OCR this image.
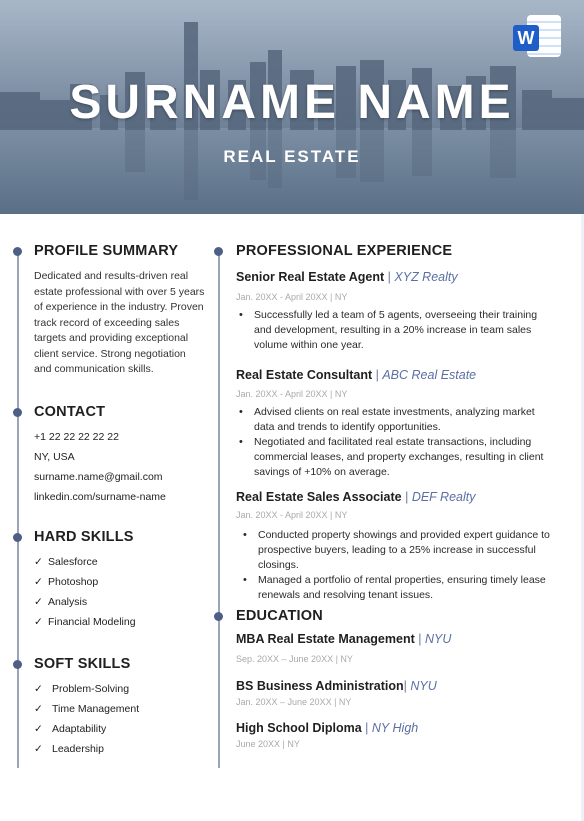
SURNAME NAME
REAL ESTATE
W
PROFILE SUMMARY
Dedicated and results-driven real estate professional with over 5 years of experience in the industry. Proven track record of exceeding sales targets and providing exceptional client service. Strong negotiation and communication skills.
CONTACT
+1 22 22 22 22 22
NY, USA
surname.name@gmail.com
linkedin.com/surname-name
HARD SKILLS
✓ Salesforce
✓ Photoshop
✓ Analysis
✓ Financial Modeling
SOFT SKILLS
✓ Problem-Solving
✓ Time Management
✓ Adaptability
✓ Leadership
PROFESSIONAL EXPERIENCE
Senior Real Estate Agent | XYZ Realty
Jan. 20XX - April 20XX | NY
• Successfully led a team of 5 agents, overseeing their training and development, resulting in a 20% increase in team sales volume within one year.
Real Estate Consultant | ABC Real Estate
Jan. 20XX - April 20XX | NY
• Advised clients on real estate investments, analyzing market data and trends to identify opportunities.
• Negotiated and facilitated real estate transactions, including commercial leases, and property exchanges, resulting in client savings of +10% on average.
Real Estate Sales Associate | DEF Realty
Jan. 20XX - April 20XX | NY
• Conducted property showings and provided expert guidance to prospective buyers, leading to a 25% increase in successful closings.
• Managed a portfolio of rental properties, ensuring timely lease renewals and resolving tenant issues.
EDUCATION
MBA Real Estate Management | NYU
Sep. 20XX – June 20XX | NY
BS Business Administration| NYU
Jan. 20XX – June 20XX | NY
High School Diploma | NY High
June 20XX | NY
